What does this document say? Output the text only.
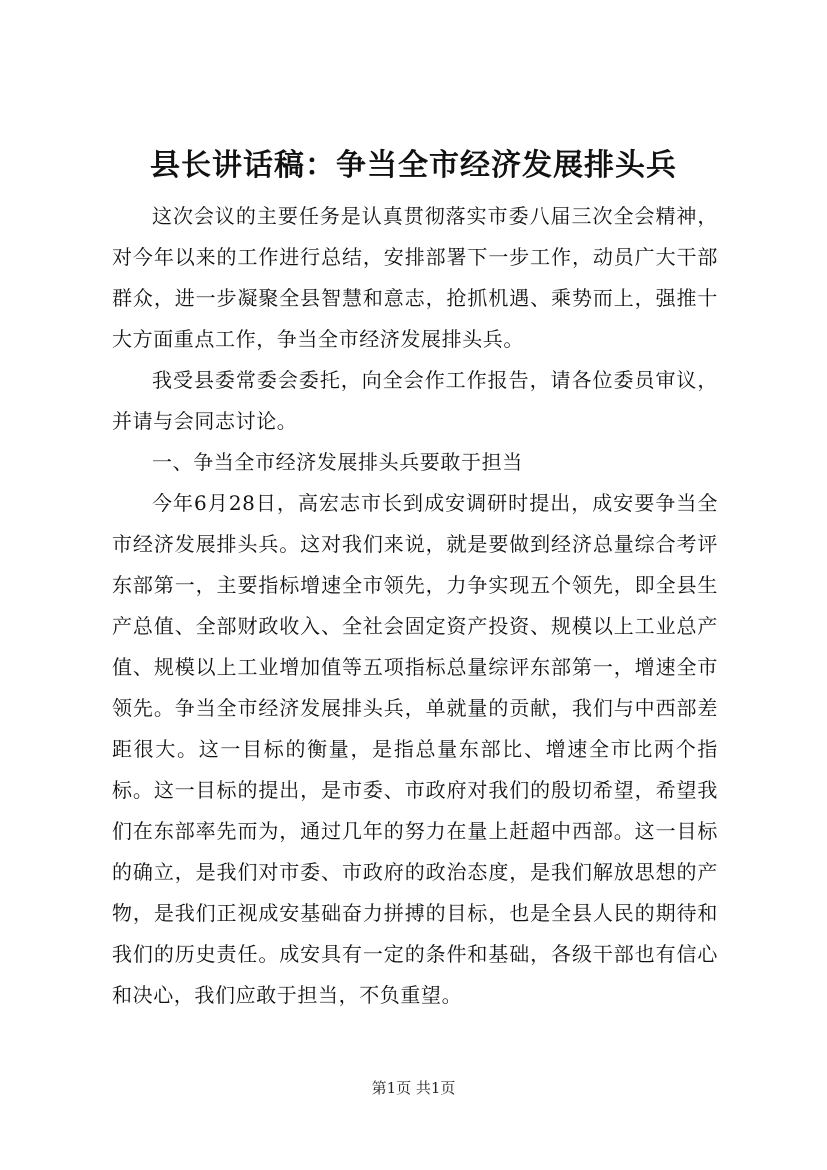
县长讲话稿：争当全市经济发展排头兵

这次会议的主要任务是认真贯彻落实市委八届三次全会精神，对今年以来的工作进行总结，安排部署下一步工作，动员广大干部群众，进一步凝聚全县智慧和意志，抢抓机遇、乘势而上，强推十大方面重点工作，争当全市经济发展排头兵。

我受县委常委会委托，向全会作工作报告，请各位委员审议，并请与会同志讨论。

一、争当全市经济发展排头兵要敢于担当

今年6月28日，高宏志市长到成安调研时提出，成安要争当全市经济发展排头兵。这对我们来说，就是要做到经济总量综合考评东部第一，主要指标增速全市领先，力争实现五个领先，即全县生产总值、全部财政收入、全社会固定资产投资、规模以上工业总产值、规模以上工业增加值等五项指标总量综评东部第一，增速全市领先。争当全市经济发展排头兵，单就量的贡献，我们与中西部差距很大。这一目标的衡量，是指总量东部比、增速全市比两个指标。这一目标的提出，是市委、市政府对我们的殷切希望，希望我们在东部率先而为，通过几年的努力在量上赶超中西部。这一目标的确立，是我们对市委、市政府的政治态度，是我们解放思想的产物，是我们正视成安基础奋力拼搏的目标，也是全县人民的期待和我们的历史责任。成安具有一定的条件和基础，各级干部也有信心和决心，我们应敢于担当，不负重望。

第1页 共1页
